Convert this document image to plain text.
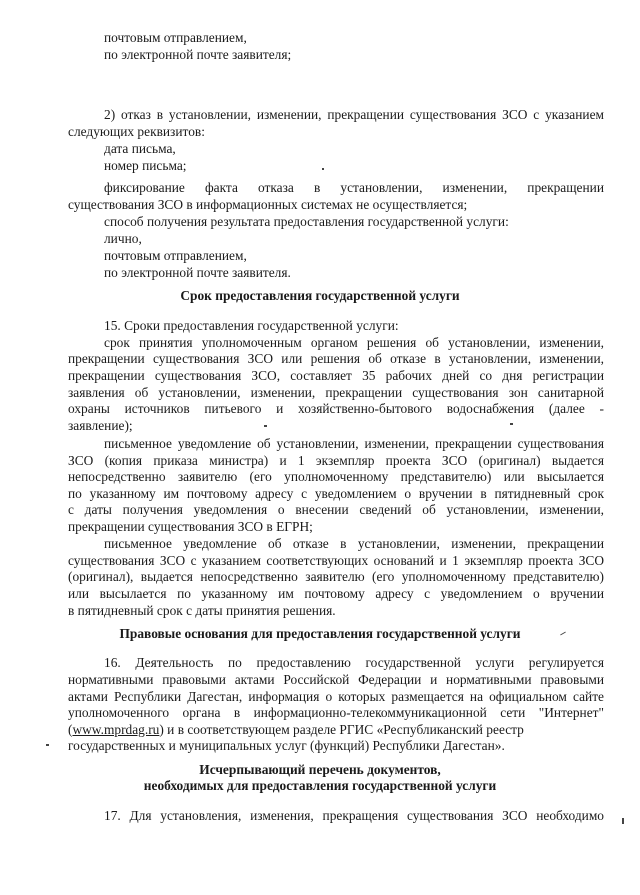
почтовым отправлением,

по электронной почте заявителя;

2) отказ в установлении, изменении, прекращении существования ЗСО с указанием

следующих реквизитов:

дата письма,

номер письма;

фиксирование факта отказа в установлении, изменении, прекращении

существования ЗСО в информационных системах не осуществляется;

способ получения результата предоставления государственной услуги:

лично,

почтовым отправлением,

по электронной почте заявителя.

Срок предоставления государственной услуги

15. Сроки предоставления государственной услуги:

срок принятия уполномоченным органом решения об установлении, изменении,

прекращении существования ЗСО или решения об отказе в установлении, изменении,

прекращении существования ЗСО, составляет 35 рабочих дней со дня регистрации

заявления об установлении, изменении, прекращении существования зон санитарной

охраны источников питьевого и хозяйственно-бытового водоснабжения (далее -

заявление);

письменное уведомление об установлении, изменении, прекращении существования

ЗСО (копия приказа министра) и 1 экземпляр проекта ЗСО (оригинал) выдается

непосредственно заявителю (его уполномоченному представителю) или высылается

по указанному им почтовому адресу с уведомлением о вручении в пятидневный срок

с даты получения уведомления о внесении сведений об установлении, изменении,

прекращении существования ЗСО в ЕГРН;

письменное уведомление об отказе в установлении, изменении, прекращении

существования ЗСО с указанием соответствующих оснований и 1 экземпляр проекта ЗСО

(оригинал), выдается непосредственно заявителю (его уполномоченному представителю)

или высылается по указанному им почтовому адресу с уведомлением о вручении

в пятидневный срок с даты принятия решения.

Правовые основания для предоставления государственной услуги

16. Деятельность по предоставлению государственной услуги регулируется

нормативными правовыми актами Российской Федерации и нормативными правовыми

актами Республики Дагестан, информация о которых размещается на официальном сайте

уполномоченного органа в информационно-телекоммуникационной сети "Интернет"

(www.mprdag.ru) и в соответствующем разделе РГИС «Республиканский реестр

государственных и муниципальных услуг (функций) Республики Дагестан».

Исчерпывающий перечень документов,

необходимых для предоставления государственной услуги

17. Для установления, изменения, прекращения существования ЗСО необходимо
